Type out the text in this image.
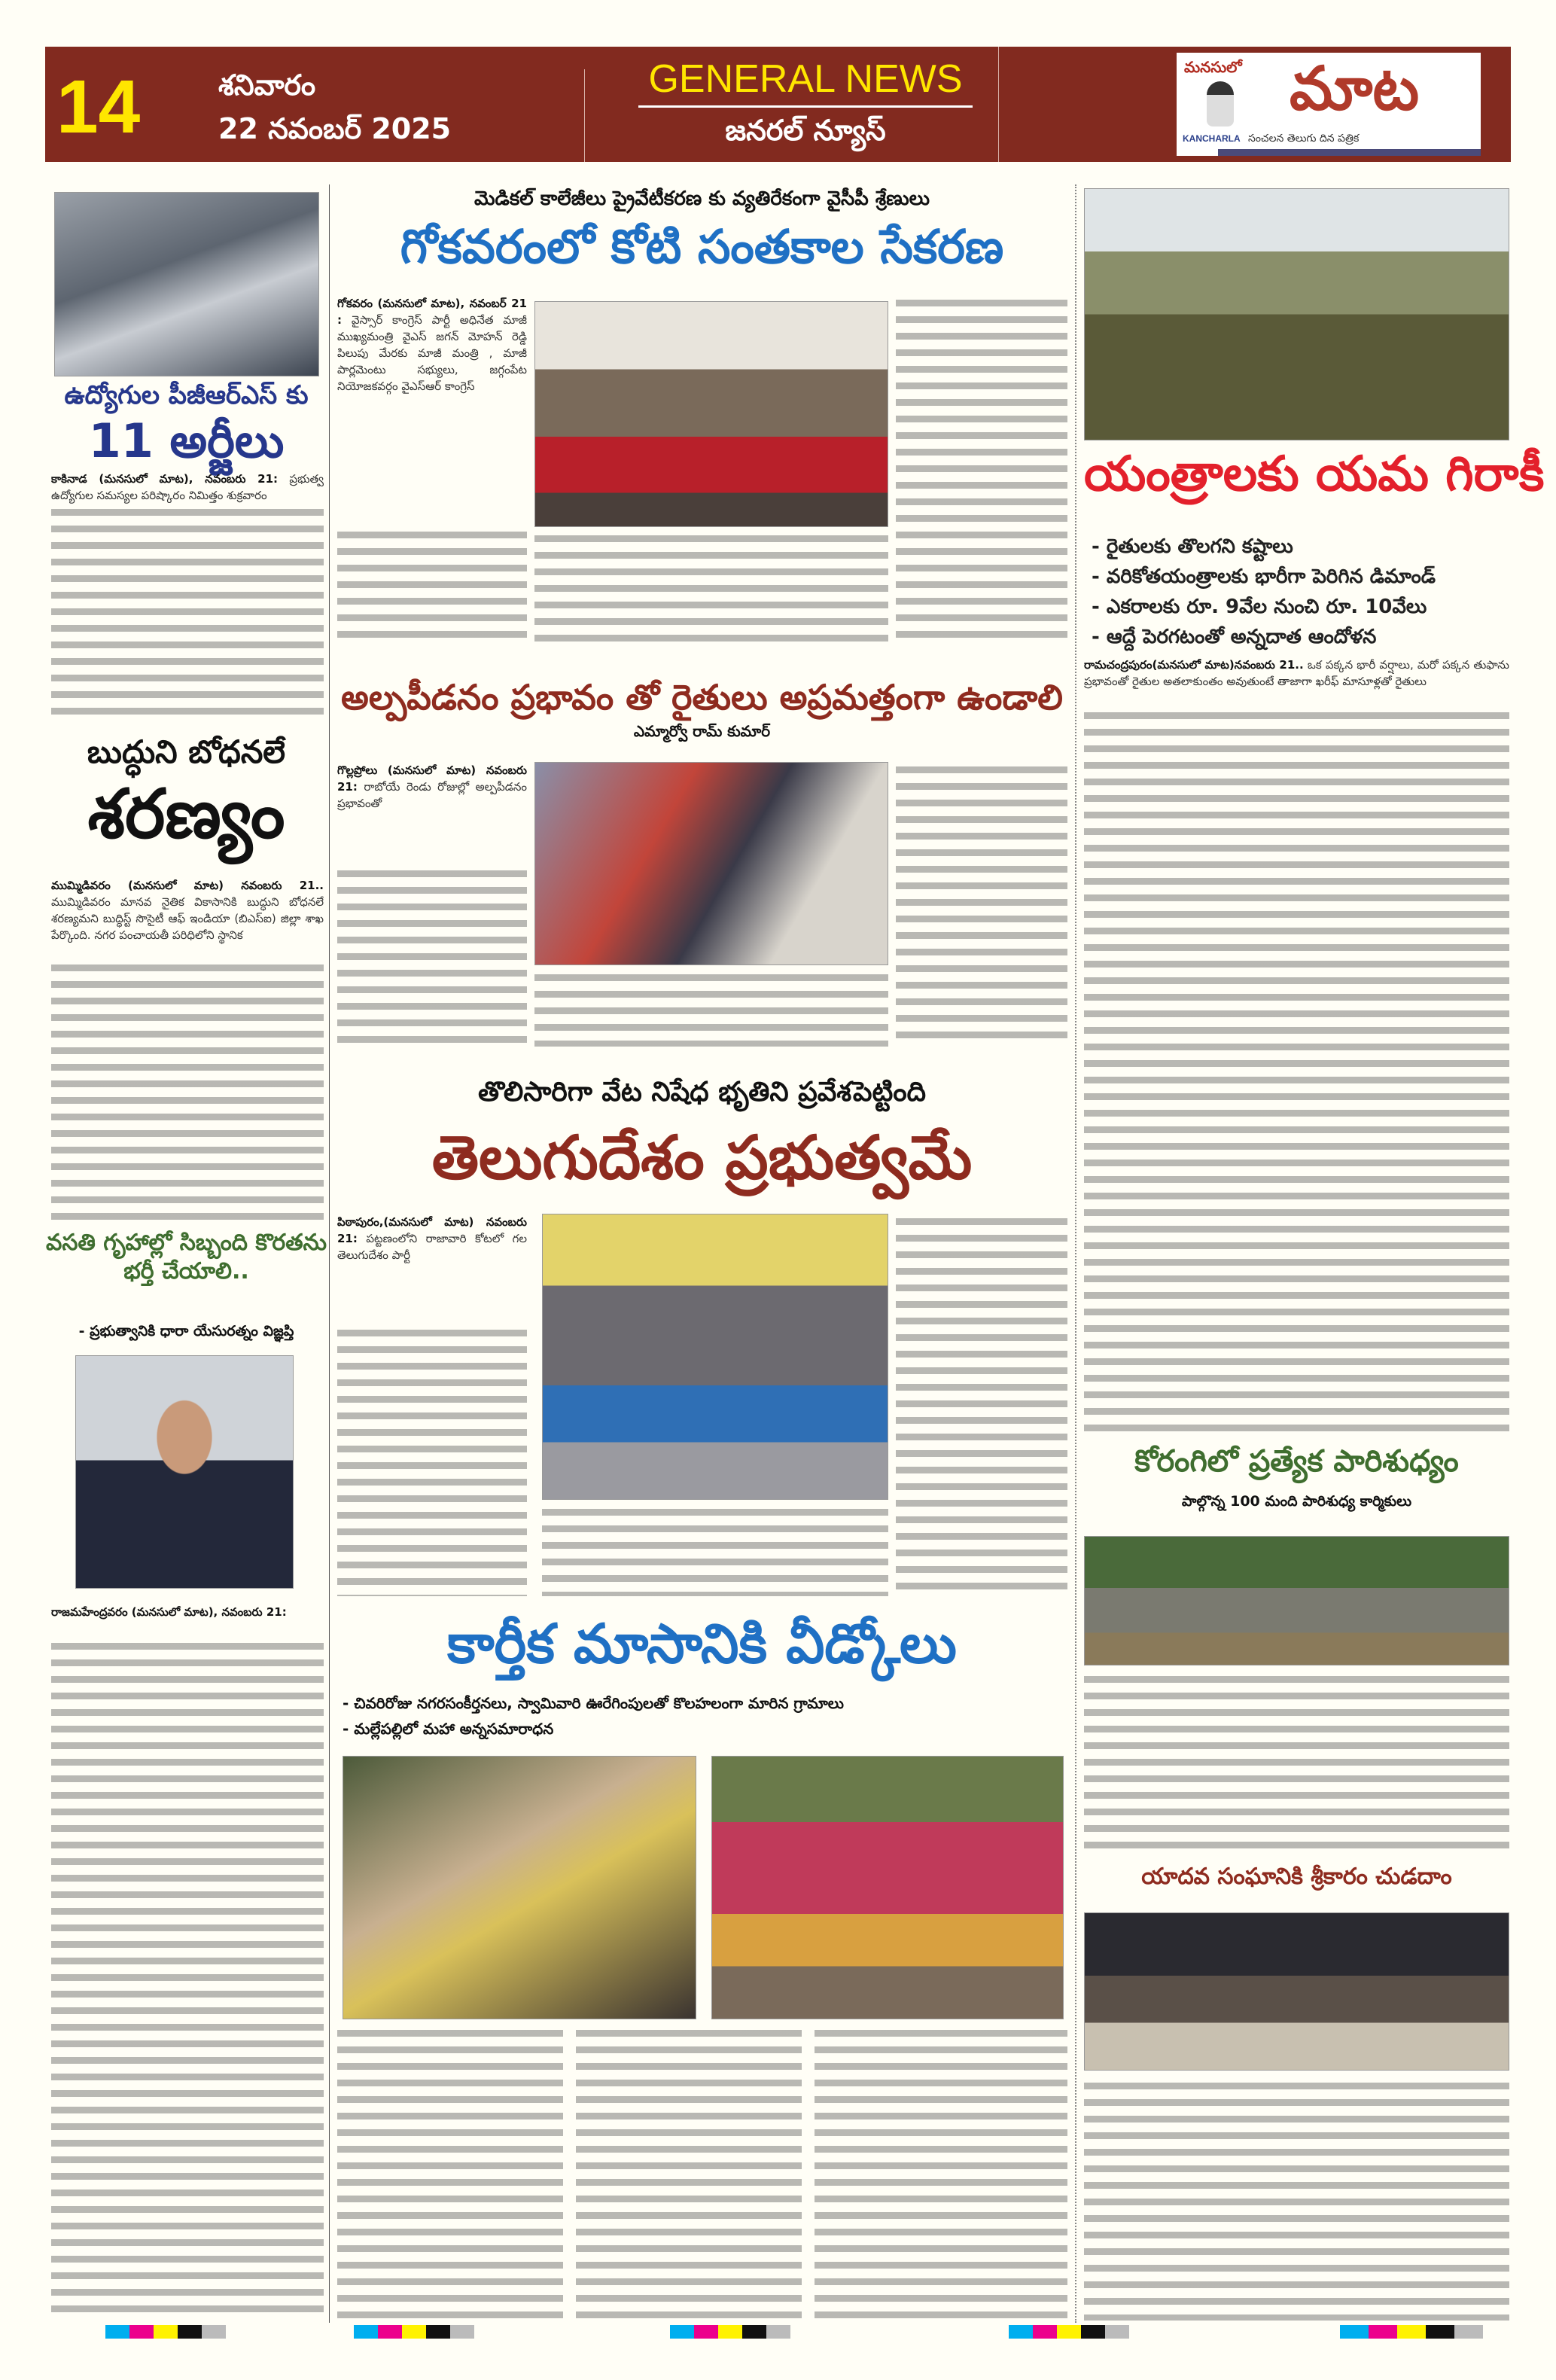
14	శనివారం
22 నవంబర్ 2025
GENERAL NEWS
జనరల్ న్యూస్
మనసులో మాట
KANCHARLA సంచలన తెలుగు దిన పత్రిక
ఉద్యోగుల పీజీఆర్ఎస్ కు
11 అర్జీలు
కాకినాడ (మనసులో మాట), నవంబరు 21: ప్రభుత్వ ఉద్యోగుల సమస్యల పరిష్కారం నిమిత్తం శుక్రవారం
బుద్ధుని బోధనలే
శరణ్యం
ముమ్మిడివరం (మనసులో మాట) నవంబరు 21.. ముమ్మిడివరం మానవ నైతిక వికాసానికి బుద్ధుని బోధనలే శరణ్యమని బుద్ధిస్ట్ సొసైటీ ఆఫ్ ఇండియా (బిఎస్ఐ) జిల్లా శాఖ పేర్కొంది. నగర పంచాయతీ పరిధిలోని స్థానిక
వసతి గృహాల్లో సిబ్బంది కొరతను భర్తీ చేయాలి..
- ప్రభుత్వానికి ధారా యేసురత్నం విజ్ఞప్తి
రాజమహేంద్రవరం (మనసులో మాట), నవంబరు 21:
మెడికల్ కాలేజీలు ప్రైవేటీకరణ కు వ్యతిరేకంగా వైసీపీ శ్రేణులు
గోకవరంలో కోటి సంతకాల సేకరణ
గోకవరం (మనసులో మాట), నవంబర్ 21 : వైస్సార్ కాంగ్రెస్ పార్టీ అధినేత మాజీ ముఖ్యమంత్రి వైఎస్ జగన్ మోహన్ రెడ్డి పిలుపు మేరకు మాజీ మంత్రి , మాజీ పార్లమెంటు సభ్యులు, జగ్గంపేట నియోజకవర్గం వైఎస్ఆర్ కాంగ్రెస్
అల్పపీడనం ప్రభావం తో రైతులు అప్రమత్తంగా ఉండాలి
ఎమ్మార్వో రామ్ కుమార్
గొల్లప్రోలు (మనసులో మాట) నవంబరు 21: రాబోయే రెండు రోజుల్లో అల్పపీడనం ప్రభావంతో
తొలిసారిగా వేట నిషేధ భృతిని ప్రవేశపెట్టింది
తెలుగుదేశం ప్రభుత్వమే
పిఠాపురం,(మనసులో మాట) నవంబరు 21: పట్టణంలోని రాజావారి కోటలో గల తెలుగుదేశం పార్టీ
కార్తీక మాసానికి వీడ్కోలు
- చివరిరోజు నగరసంకీర్తనలు, స్వామివారి ఊరేగింపులతో కొలహలంగా మారిన గ్రామాలు
- మల్లేపల్లిలో మహా అన్నసమారాధన
యంత్రాలకు యమ గిరాకీ
- రైతులకు తొలగని కష్టాలు
- వరికోతయంత్రాలకు భారీగా పెరిగిన డిమాండ్
- ఎకరాలకు రూ. 9వేల నుంచి రూ. 10వేలు
- ఆద్దే పెరగటంతో అన్నదాత ఆందోళన
రామచంద్రపురం(మనసులో మాట)నవంబరు 21.. ఒక పక్కన భారీ వర్షాలు, మరో పక్కన తుఫాను ప్రభావంతో రైతుల అతలాకుంతం అవుతుంటే తాజాగా ఖరీఫ్ మాసూళ్లతో రైతులు
కోరంగిలో ప్రత్యేక పారిశుధ్యం
పాల్గొన్న 100 మంది పారిశుధ్య కార్మికులు
యాదవ సంఘానికి శ్రీకారం చుడదాం
